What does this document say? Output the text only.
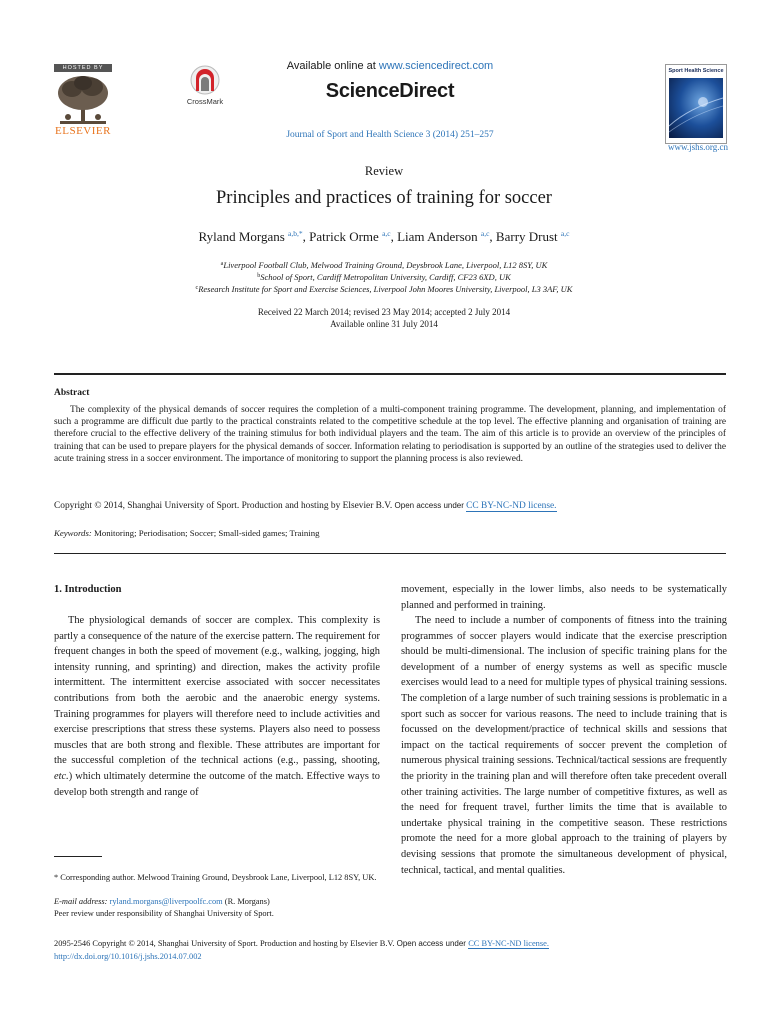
HOSTED BY
ELSEVIER
CrossMark
Available online at www.sciencedirect.com
ScienceDirect
Journal of Sport and Health Science 3 (2014) 251–257
Sport Health Science
www.jshs.org.cn
Review
Principles and practices of training for soccer
Ryland Morgans $^{a,b,*}$, Patrick Orme $^{a,c}$, Liam Anderson $^{a,c}$, Barry Drust $^{a,c}$
$^a$Liverpool Football Club, Melwood Training Ground, Deysbrook Lane, Liverpool, L12 8SY, UK
$^b$School of Sport, Cardiff Metropolitan University, Cardiff, CF23 6XD, UK
$^c$Research Institute for Sport and Exercise Sciences, Liverpool John Moores University, Liverpool, L3 3AF, UK
Received 22 March 2014; revised 23 May 2014; accepted 2 July 2014
Available online 31 July 2014
Abstract
The complexity of the physical demands of soccer requires the completion of a multi-component training programme. The development, planning, and implementation of such a programme are difficult due partly to the practical constraints related to the competitive schedule at the top level. The effective planning and organisation of training are therefore crucial to the effective delivery of the training stimulus for both individual players and the team. The aim of this article is to provide an overview of the principles of training that can be used to prepare players for the physical demands of soccer. Information relating to periodisation is supported by an outline of the strategies used to deliver the acute training stress in a soccer environment. The importance of monitoring to support the planning process is also reviewed.
Copyright © 2014, Shanghai University of Sport. Production and hosting by Elsevier B.V. Open access under CC BY-NC-ND license.
Keywords: Monitoring; Periodisation; Soccer; Small-sided games; Training
1. Introduction
The physiological demands of soccer are complex. This complexity is partly a consequence of the nature of the exercise pattern. The requirement for frequent changes in both the speed of movement (e.g., walking, jogging, high intensity running, and sprinting) and direction, makes the activity profile intermittent. The intermittent exercise associated with soccer necessitates contributions from both the aerobic and the anaerobic energy systems. Training programmes for players will therefore need to include activities and exercise prescriptions that stress these systems. Players also need to possess muscles that are both strong and flexible. These attributes are important for the successful completion of the technical actions (e.g., passing, shooting, etc.) which ultimately determine the outcome of the match. Effective ways to develop both strength and range of
movement, especially in the lower limbs, also needs to be systematically planned and performed in training.
The need to include a number of components of fitness into the training programmes of soccer players would indicate that the exercise prescription should be multi-dimensional. The inclusion of specific training plans for the development of a number of energy systems as well as specific muscle exercises would lead to a need for multiple types of physical training sessions. The completion of a large number of such training sessions is problematic in a sport such as soccer for various reasons. The need to include training that is focussed on the development/practice of technical skills and sessions that impact on the tactical requirements of soccer prevent the completion of numerous physical training sessions. Technical/tactical sessions are frequently the priority in the training plan and will therefore often take precedent overall other training activities. The large number of competitive fixtures, as well as the need for frequent travel, further limits the time that is available to undertake physical training in the competitive season. These restrictions promote the need for a more global approach to the training of players by devising sessions that promote the simultaneous development of physical, technical, tactical, and mental qualities.
* Corresponding author. Melwood Training Ground, Deysbrook Lane, Liverpool, L12 8SY, UK.
E-mail address: ryland.morgans@liverpoolfc.com (R. Morgans)
Peer review under responsibility of Shanghai University of Sport.
2095-2546 Copyright © 2014, Shanghai University of Sport. Production and hosting by Elsevier B.V. Open access under CC BY-NC-ND license.
http://dx.doi.org/10.1016/j.jshs.2014.07.002
